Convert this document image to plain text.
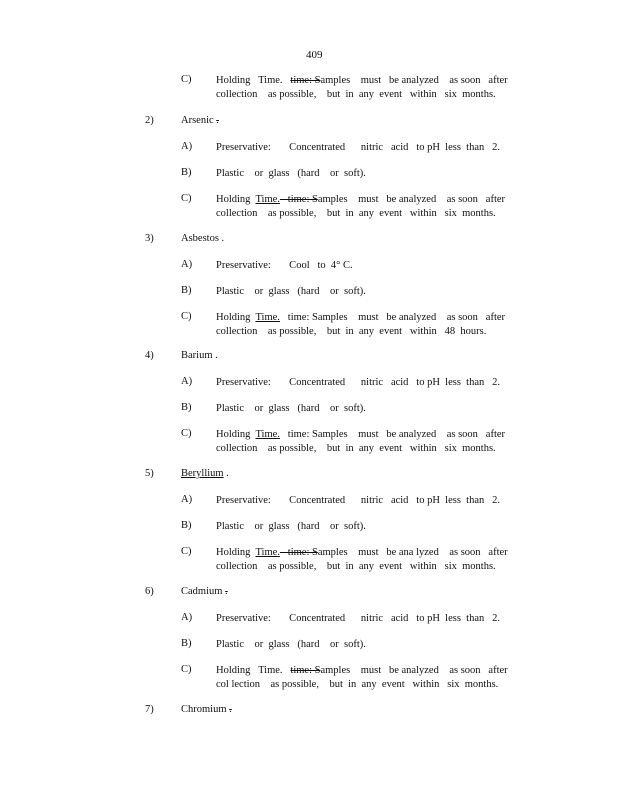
409
C) Holding   Time.   time: Samples    must   be analyzed    as soon   after
collection    as possible,    but  in  any  event   within   six  months.
2)	Arsenic .
A) Preservative:       Concentrated      nitric   acid   to pH  less  than   2.
B) Plastic    or  glass   (hard    or  soft).
C) Holding  Time.   time: Samples    must   be analyzed    as soon   after
collection    as possible,    but  in  any  event   within   six  months.
3)	Asbestos .
A) Preservative:       Cool   to  4° C.
B) Plastic    or  glass   (hard    or  soft).
C) Holding  Time.   time: Samples    must   be analyzed    as soon   after
collection    as possible,    but  in  any  event   within   48  hours.
4)	Barium .
A) Preservative:       Concentrated      nitric   acid   to pH  less  than   2.
B) Plastic    or  glass   (hard    or  soft).
C) Holding  Time.   time: Samples    must   be analyzed    as soon   after
collection    as possible,    but  in  any  event   within   six  months.
5)	Beryllium .
A) Preservative:       Concentrated      nitric   acid   to pH  less  than   2.
B) Plastic    or  glass   (hard    or  soft).
C) Holding  Time.   time: Samples    must   be ana lyzed    as soon   after
collection    as possible,    but  in  any  event   within   six  months.
6)	Cadmium .
A) Preservative:       Concentrated      nitric   acid   to pH  less  than   2.
B) Plastic    or  glass   (hard    or  soft).
C) Holding   Time.   time: Samples    must   be analyzed    as soon   after
col lection    as possible,    but  in  any  event   within   six  months.
7)	Chromium .
